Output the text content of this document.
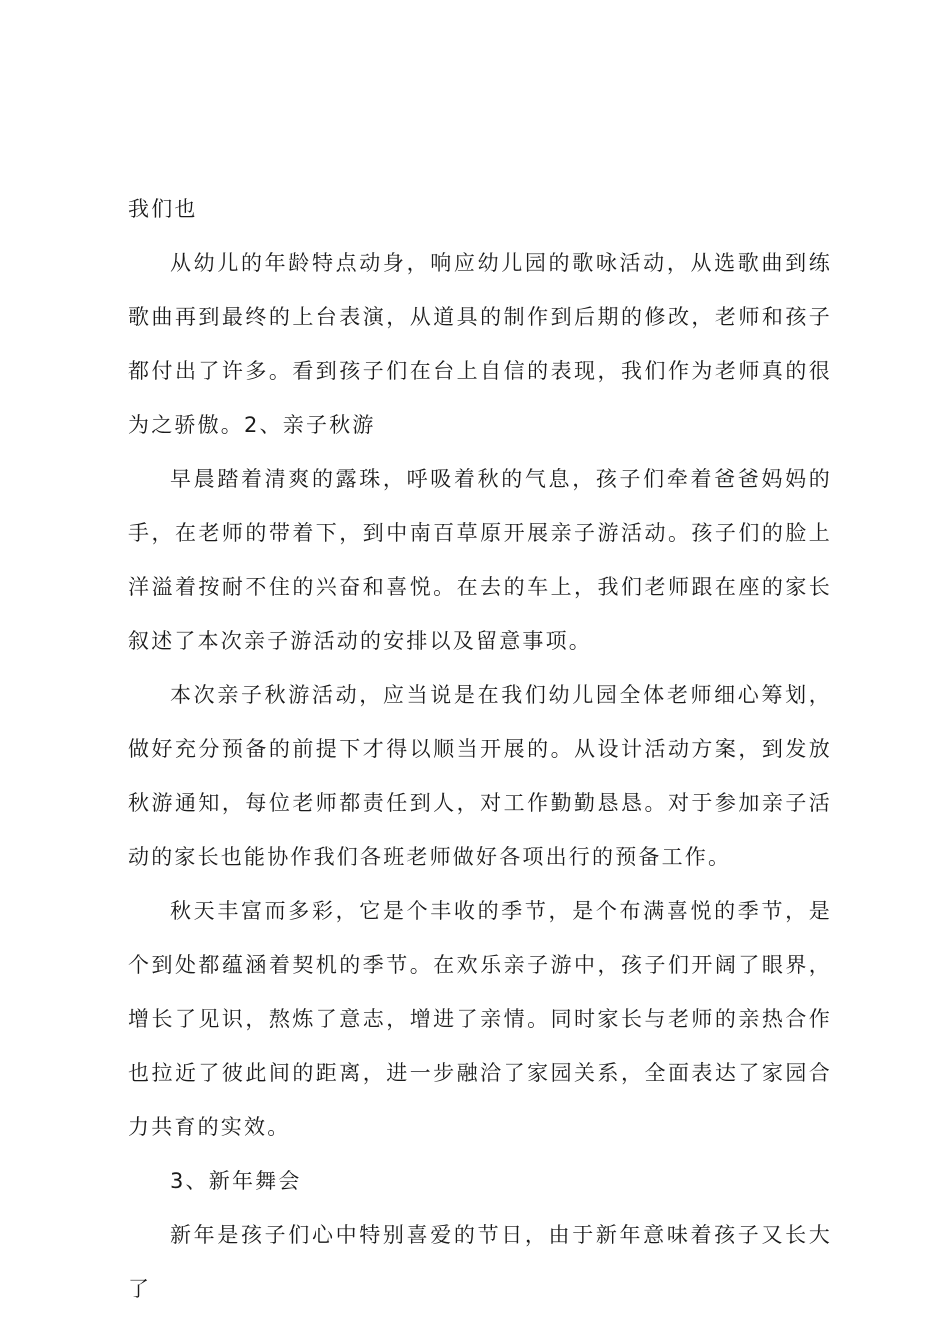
我们也

从幼儿的年龄特点动身，响应幼儿园的歌咏活动，从选歌曲到练歌曲再到最终的上台表演，从道具的制作到后期的修改，老师和孩子都付出了许多。看到孩子们在台上自信的表现，我们作为老师真的很为之骄傲。2、亲子秋游

早晨踏着清爽的露珠，呼吸着秋的气息，孩子们牵着爸爸妈妈的手，在老师的带着下，到中南百草原开展亲子游活动。孩子们的脸上洋溢着按耐不住的兴奋和喜悦。在去的车上，我们老师跟在座的家长叙述了本次亲子游活动的安排以及留意事项。

本次亲子秋游活动，应当说是在我们幼儿园全体老师细心筹划，做好充分预备的前提下才得以顺当开展的。从设计活动方案，到发放秋游通知，每位老师都责任到人，对工作勤勤恳恳。对于参加亲子活动的家长也能协作我们各班老师做好各项出行的预备工作。

秋天丰富而多彩，它是个丰收的季节，是个布满喜悦的季节，是个到处都蕴涵着契机的季节。在欢乐亲子游中，孩子们开阔了眼界，增长了见识，熬炼了意志，增进了亲情。同时家长与老师的亲热合作也拉近了彼此间的距离，进一步融洽了家园关系，全面表达了家园合力共育的实效。

3、新年舞会

新年是孩子们心中特别喜爱的节日，由于新年意味着孩子又长大了
